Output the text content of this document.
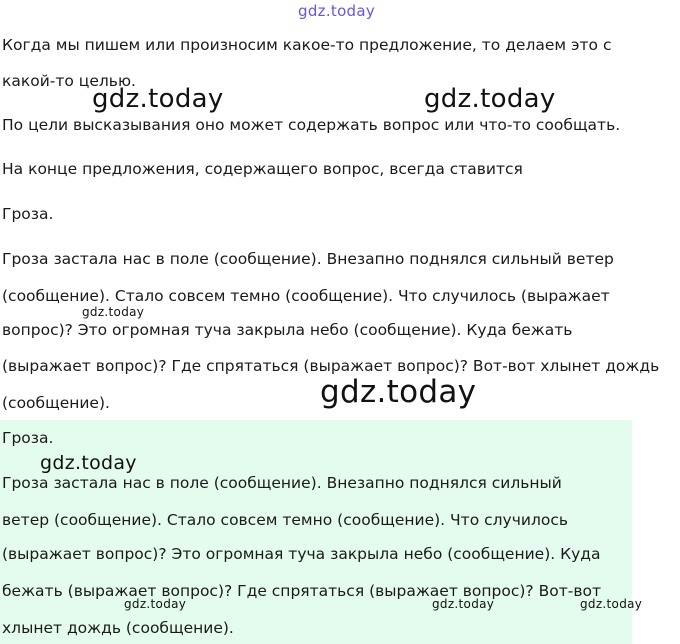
Когда мы пишем или произносим какое-то предложение, то делаем это с

какой-то целью.

По цели высказывания оно может содержать вопрос или что-то сообщать.

На конце предложения, содержащего вопрос, всегда ставится

Гроза.

Гроза застала нас в поле (сообщение). Внезапно поднялся сильный ветер

(сообщение). Стало совсем темно (сообщение). Что случилось (выражает

вопрос)? Это огромная туча закрыла небо (сообщение). Куда бежать

(выражает вопрос)? Где спрятаться (выражает вопрос)? Вот-вот хлынет дождь

(сообщение).

Гроза.

Гроза застала нас в поле (сообщение). Внезапно поднялся сильный

ветер (сообщение). Стало совсем темно (сообщение). Что случилось

(выражает вопрос)? Это огромная туча закрыла небо (сообщение). Куда

бежать (выражает вопрос)? Где спрятаться (выражает вопрос)? Вот-вот

хлынет дождь (сообщение).

gdz.today
gdz.today	gdz.today
gdz.today
gdz.today
gdz.today
gdz.today	gdz.today	gdz.today
